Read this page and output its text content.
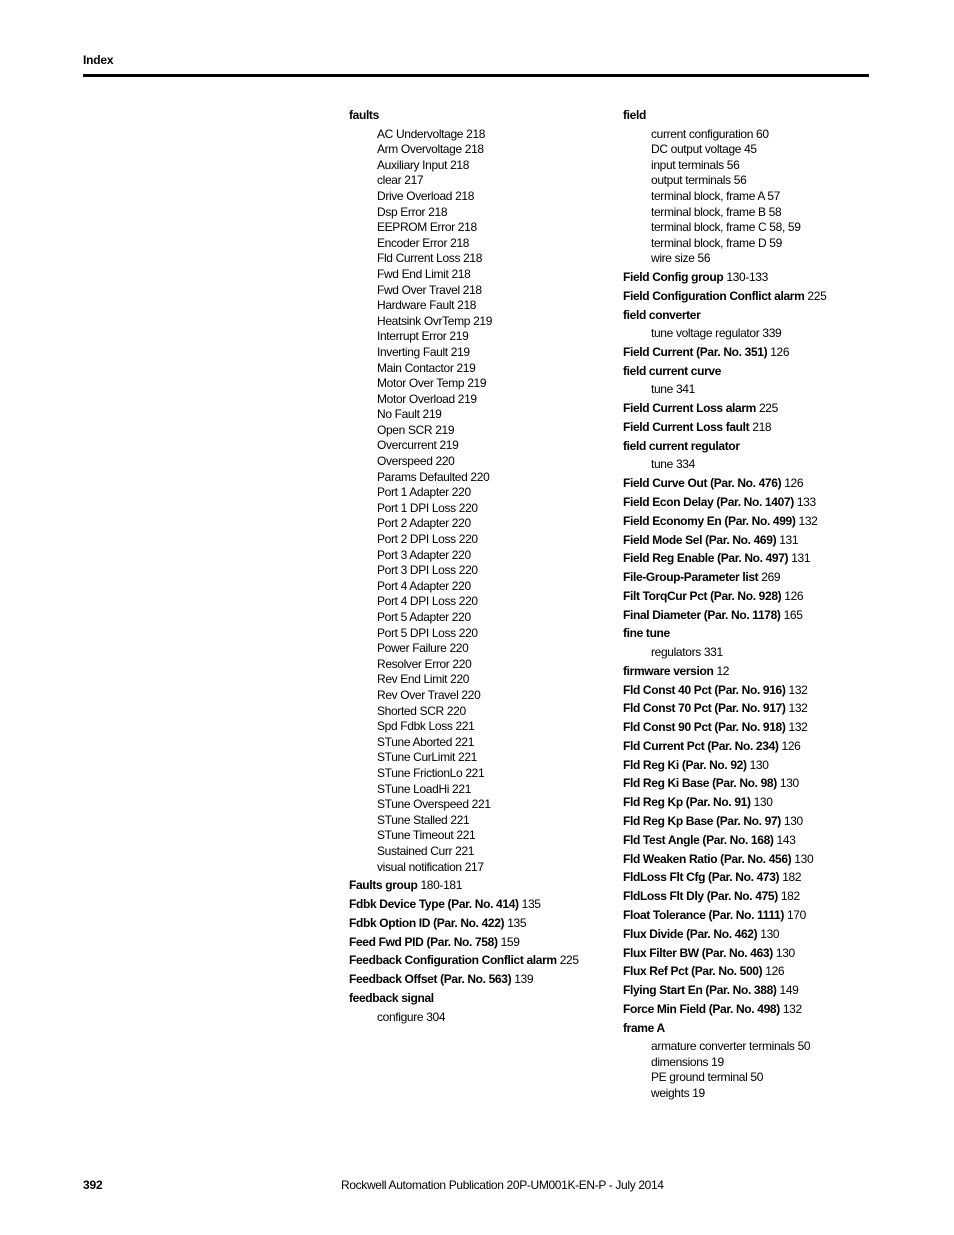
Index
faults
AC Undervoltage 218
Arm Overvoltage 218
Auxiliary Input 218
clear 217
Drive Overload 218
Dsp Error 218
EEPROM Error 218
Encoder Error 218
Fld Current Loss 218
Fwd End Limit 218
Fwd Over Travel 218
Hardware Fault 218
Heatsink OvrTemp 219
Interrupt Error 219
Inverting Fault 219
Main Contactor 219
Motor Over Temp 219
Motor Overload 219
No Fault 219
Open SCR 219
Overcurrent 219
Overspeed 220
Params Defaulted 220
Port 1 Adapter 220
Port 1 DPI Loss 220
Port 2 Adapter 220
Port 2 DPI Loss 220
Port 3 Adapter 220
Port 3 DPI Loss 220
Port 4 Adapter 220
Port 4 DPI Loss 220
Port 5 Adapter 220
Port 5 DPI Loss 220
Power Failure 220
Resolver Error 220
Rev End Limit 220
Rev Over Travel 220
Shorted SCR 220
Spd Fdbk Loss 221
STune Aborted 221
STune CurLimit 221
STune FrictionLo 221
STune LoadHi 221
STune Overspeed 221
STune Stalled 221
STune Timeout 221
Sustained Curr 221
visual notification 217
Faults group 180-181
Fdbk Device Type (Par. No. 414) 135
Fdbk Option ID (Par. No. 422) 135
Feed Fwd PID (Par. No. 758) 159
Feedback Configuration Conflict alarm 225
Feedback Offset (Par. No. 563) 139
feedback signal
configure 304
field
current configuration 60
DC output voltage 45
input terminals 56
output terminals 56
terminal block, frame A 57
terminal block, frame B 58
terminal block, frame C 58, 59
terminal block, frame D 59
wire size 56
Field Config group 130-133
Field Configuration Conflict alarm 225
field converter
tune voltage regulator 339
Field Current (Par. No. 351) 126
field current curve
tune 341
Field Current Loss alarm 225
Field Current Loss fault 218
field current regulator
tune 334
Field Curve Out (Par. No. 476) 126
Field Econ Delay (Par. No. 1407) 133
Field Economy En (Par. No. 499) 132
Field Mode Sel (Par. No. 469) 131
Field Reg Enable (Par. No. 497) 131
File-Group-Parameter list 269
Filt TorqCur Pct (Par. No. 928) 126
Final Diameter (Par. No. 1178) 165
fine tune
regulators 331
firmware version 12
Fld Const 40 Pct (Par. No. 916) 132
Fld Const 70 Pct (Par. No. 917) 132
Fld Const 90 Pct (Par. No. 918) 132
Fld Current Pct (Par. No. 234) 126
Fld Reg Ki (Par. No. 92) 130
Fld Reg Ki Base (Par. No. 98) 130
Fld Reg Kp (Par. No. 91) 130
Fld Reg Kp Base (Par. No. 97) 130
Fld Test Angle (Par. No. 168) 143
Fld Weaken Ratio (Par. No. 456) 130
FldLoss Flt Cfg (Par. No. 473) 182
FldLoss Flt Dly (Par. No. 475) 182
Float Tolerance (Par. No. 1111) 170
Flux Divide (Par. No. 462) 130
Flux Filter BW (Par. No. 463) 130
Flux Ref Pct (Par. No. 500) 126
Flying Start En (Par. No. 388) 149
Force Min Field (Par. No. 498) 132
frame A
armature converter terminals 50
dimensions 19
PE ground terminal 50
weights 19
392	Rockwell Automation Publication 20P-UM001K-EN-P - July 2014
